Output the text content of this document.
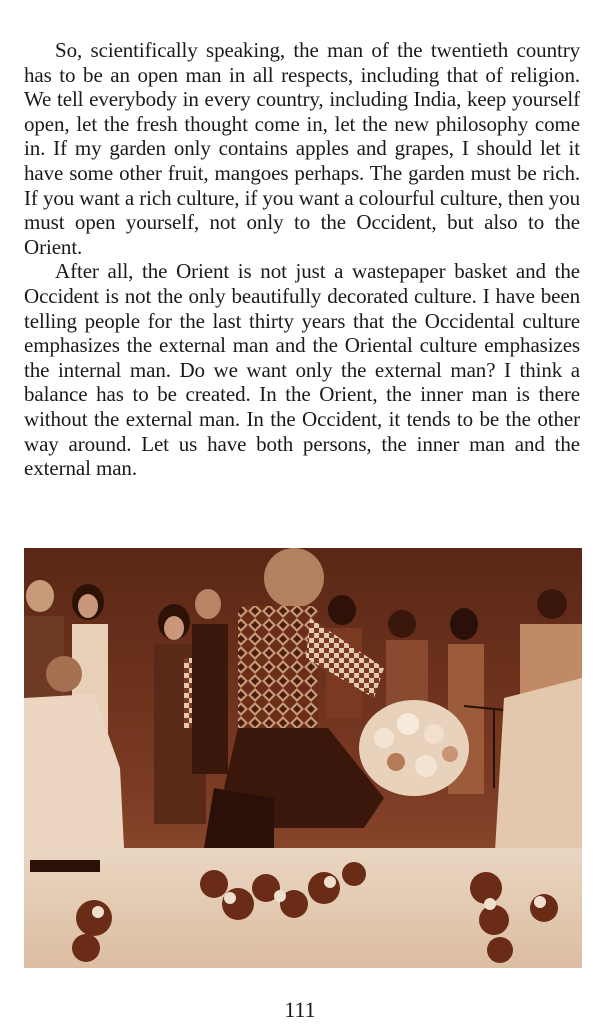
So, scientifically speaking, the man of the twentieth country has to be an open man in all respects, including that of religion. We tell everybody in every country, including India, keep yourself open, let the fresh thought come in, let the new philosophy come in. If my garden only contains apples and grapes, I should let it have some other fruit, mangoes perhaps. The garden must be rich. If you want a rich culture, if you want a colourful culture, then you must open yourself, not only to the Occident, but also to the Orient.

After all, the Orient is not just a wastepaper basket and the Occident is not the only beautifully decorated culture. I have been telling people for the last thirty years that the Occidental culture emphasizes the external man and the Oriental culture emphasizes the internal man. Do we want only the external man? I think a balance has to be created. In the Orient, the inner man is there without the external man. In the Occident, it tends to be the other way around. Let us have both persons, the inner man and the external man.

111
